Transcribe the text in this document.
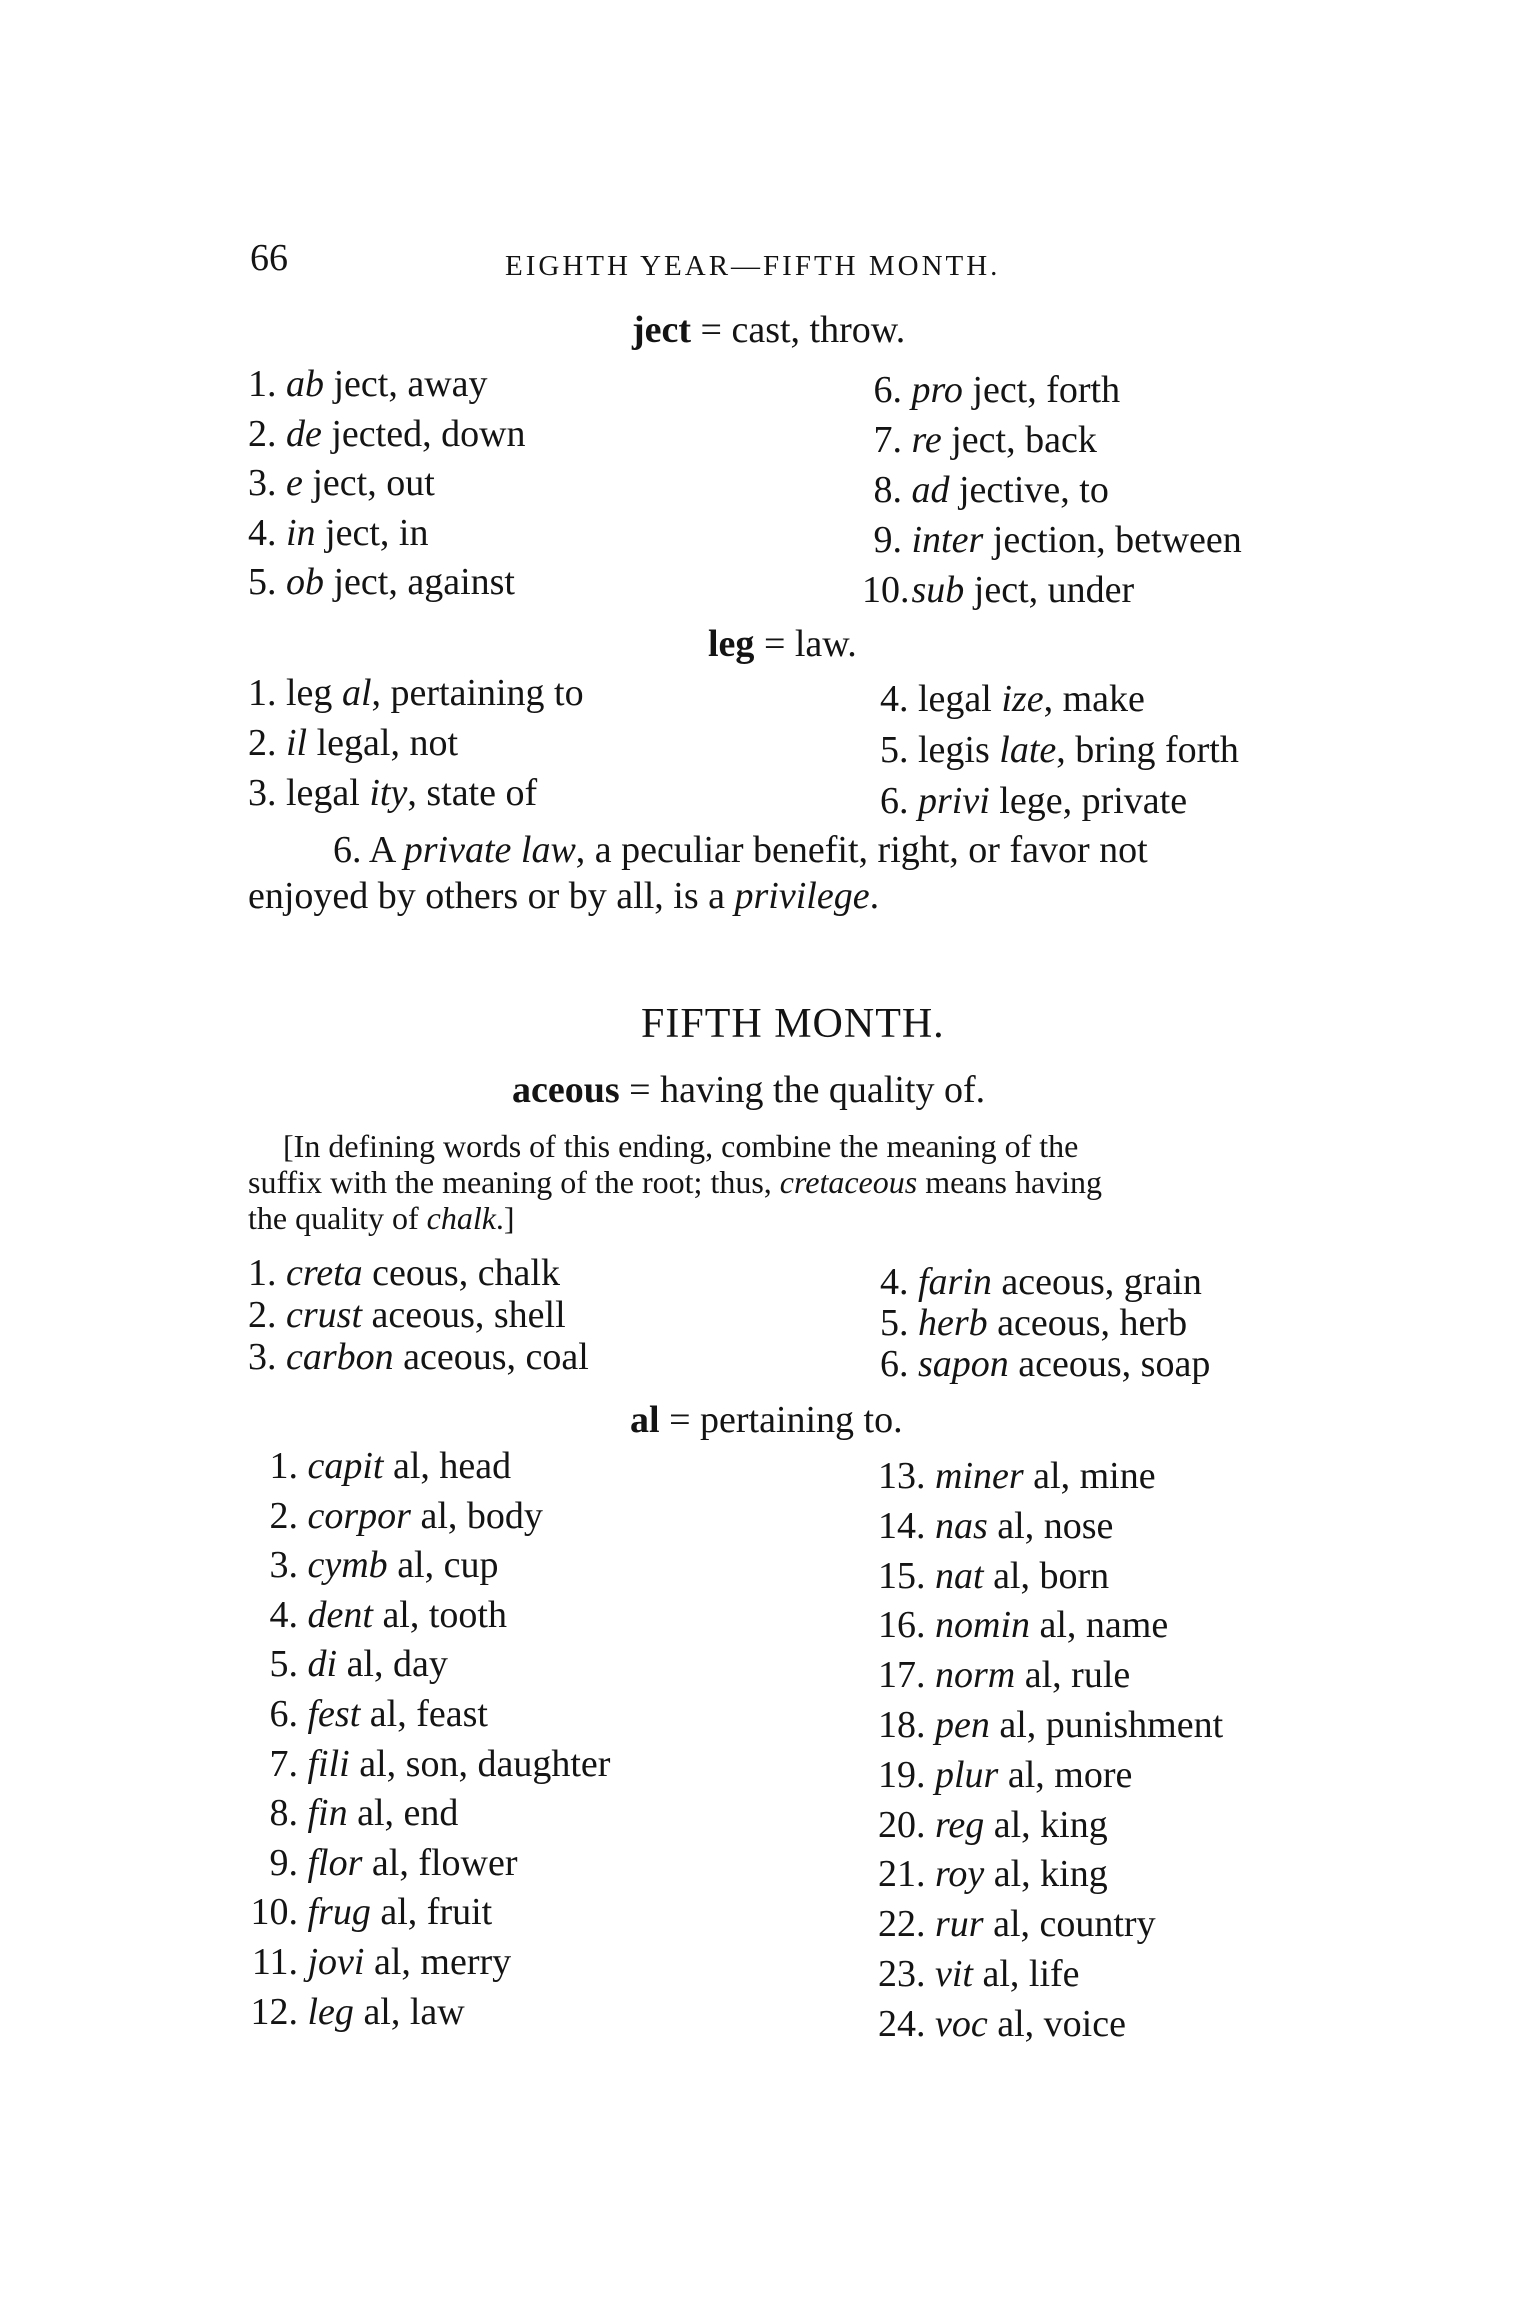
66	EIGHTH YEAR—FIFTH MONTH.
ject = cast, throw.
1. ab ject, away
2. de jected, down
3. e ject, out
4. in ject, in
5. ob ject, against
6. pro ject, forth
7. re ject, back
8. ad jective, to
9. inter jection, between
10. sub ject, under
leg = law.
1. leg al, pertaining to
2. il legal, not
3. legal ity, state of
4. legal ize, make
5. legis late, bring forth
6. privi lege, private
6. A private law, a peculiar benefit, right, or favor not
enjoyed by others or by all, is a privilege.
FIFTH MONTH.
aceous = having the quality of.
[In defining words of this ending, combine the meaning of the
suffix with the meaning of the root; thus, cretaceous means having
the quality of chalk.]
1. creta ceous, chalk
2. crust aceous, shell
3. carbon aceous, coal
4. farin aceous, grain
5. herb aceous, herb
6. sapon aceous, soap
al = pertaining to.
1. capit al, head
2. corpor al, body
3. cymb al, cup
4. dent al, tooth
5. di al, day
6. fest al, feast
7. fili al, son, daughter
8. fin al, end
9. flor al, flower
10. frug al, fruit
11. jovi al, merry
12. leg al, law
13. miner al, mine
14. nas al, nose
15. nat al, born
16. nomin al, name
17. norm al, rule
18. pen al, punishment
19. plur al, more
20. reg al, king
21. roy al, king
22. rur al, country
23. vit al, life
24. voc al, voice
